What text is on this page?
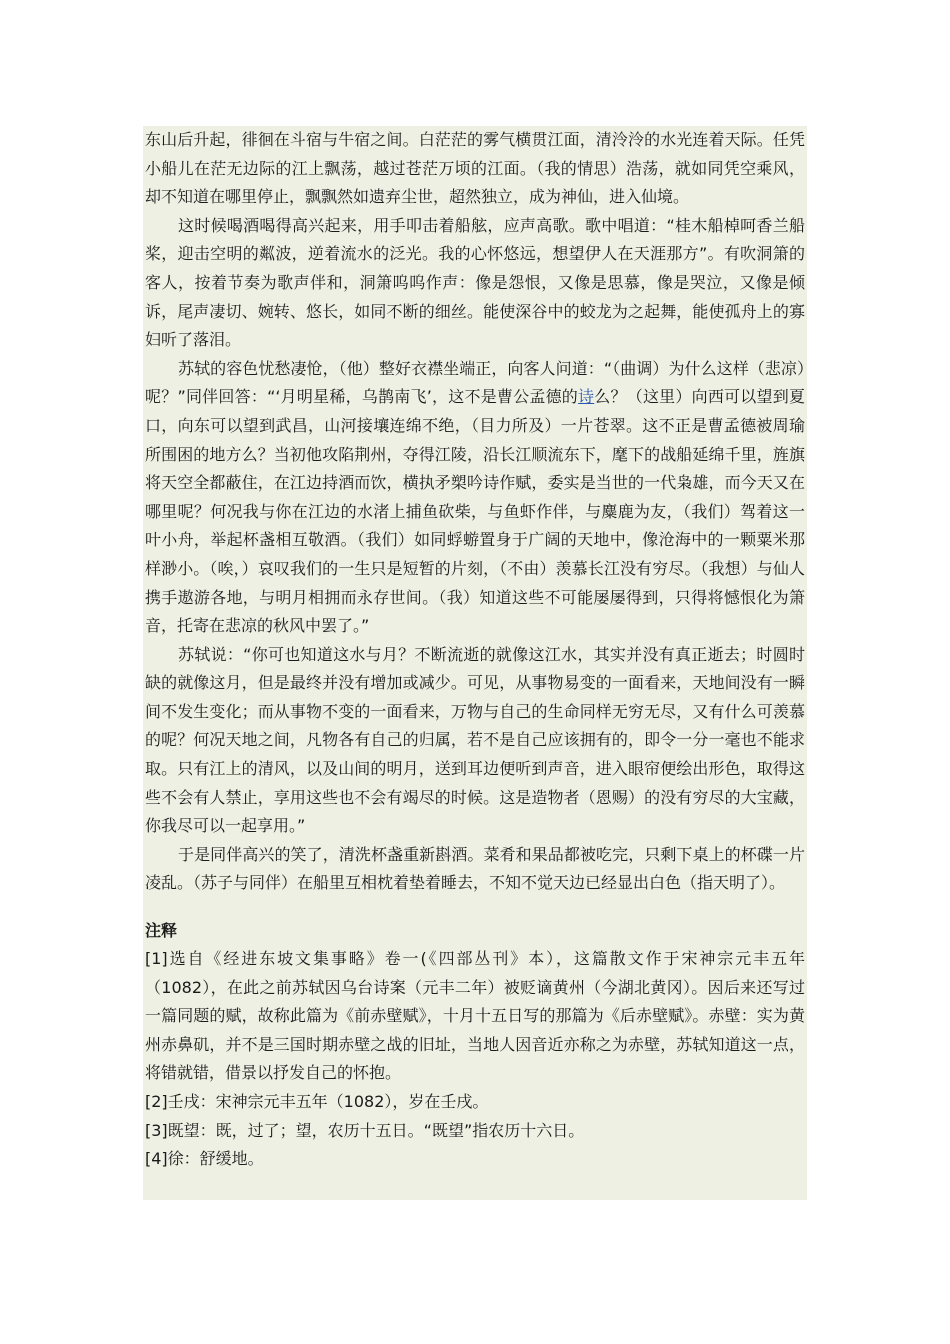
东山后升起，徘徊在斗宿与牛宿之间。白茫茫的雾气横贯江面，清泠泠的水光连着天际。任凭小船儿在茫无边际的江上飘荡，越过苍茫万顷的江面。（我的情思）浩荡，就如同凭空乘风，却不知道在哪里停止，飘飘然如遗弃尘世，超然独立，成为神仙，进入仙境。

这时候喝酒喝得高兴起来，用手叩击着船舷，应声高歌。歌中唱道：“桂木船棹呵香兰船桨，迎击空明的粼波，逆着流水的泛光。我的心怀悠远，想望伊人在天涯那方”。有吹洞箫的客人，按着节奏为歌声伴和，洞箫呜呜作声：像是怨恨，又像是思慕，像是哭泣，又像是倾诉，尾声凄切、婉转、悠长，如同不断的细丝。能使深谷中的蛟龙为之起舞，能使孤舟上的寡妇听了落泪。

苏轼的容色忧愁凄怆，（他）整好衣襟坐端正，向客人问道：“（曲调）为什么这样（悲凉）呢？”同伴回答：“‘月明星稀，乌鹊南飞’，这不是曹公孟德的诗么？（这里）向西可以望到夏口，向东可以望到武昌，山河接壤连绵不绝，（目力所及）一片苍翠。这不正是曹孟德被周瑜所围困的地方么？当初他攻陷荆州，夺得江陵，沿长江顺流东下，麾下的战船延绵千里，旌旗将天空全都蔽住，在江边持酒而饮，横执矛槊吟诗作赋，委实是当世的一代枭雄，而今天又在哪里呢？何况我与你在江边的水渚上捕鱼砍柴，与鱼虾作伴，与麋鹿为友，（我们）驾着这一叶小舟，举起杯盏相互敬酒。（我们）如同蜉蝣置身于广阔的天地中，像沧海中的一颗粟米那样渺小。（唉，）哀叹我们的一生只是短暂的片刻，（不由）羡慕长江没有穷尽。（我想）与仙人携手遨游各地，与明月相拥而永存世间。（我）知道这些不可能屡屡得到，只得将憾恨化为箫音，托寄在悲凉的秋风中罢了。”

苏轼说：“你可也知道这水与月？不断流逝的就像这江水，其实并没有真正逝去；时圆时缺的就像这月，但是最终并没有增加或减少。可见，从事物易变的一面看来，天地间没有一瞬间不发生变化；而从事物不变的一面看来，万物与自己的生命同样无穷无尽，又有什么可羡慕的呢？何况天地之间，凡物各有自己的归属，若不是自己应该拥有的，即令一分一毫也不能求取。只有江上的清风，以及山间的明月，送到耳边便听到声音，进入眼帘便绘出形色，取得这些不会有人禁止，享用这些也不会有竭尽的时候。这是造物者（恩赐）的没有穷尽的大宝藏，你我尽可以一起享用。”

于是同伴高兴的笑了，清洗杯盏重新斟酒。菜肴和果品都被吃完，只剩下桌上的杯碟一片凌乱。（苏子与同伴）在船里互相枕着垫着睡去，不知不觉天边已经显出白色（指天明了）。

注释

[1]选自《经进东坡文集事略》卷一(《四部丛刊》本），这篇散文作于宋神宗元丰五年（1082），在此之前苏轼因乌台诗案（元丰二年）被贬谪黄州（今湖北黄冈）。因后来还写过一篇同题的赋，故称此篇为《前赤壁赋》，十月十五日写的那篇为《后赤壁赋》。赤壁：实为黄州赤鼻矶，并不是三国时期赤壁之战的旧址，当地人因音近亦称之为赤壁，苏轼知道这一点，将错就错，借景以抒发自己的怀抱。

[2]壬戌：宋神宗元丰五年（1082），岁在壬戌。

[3]既望：既，过了；望，农历十五日。“既望”指农历十六日。

[4]徐：舒缓地。
